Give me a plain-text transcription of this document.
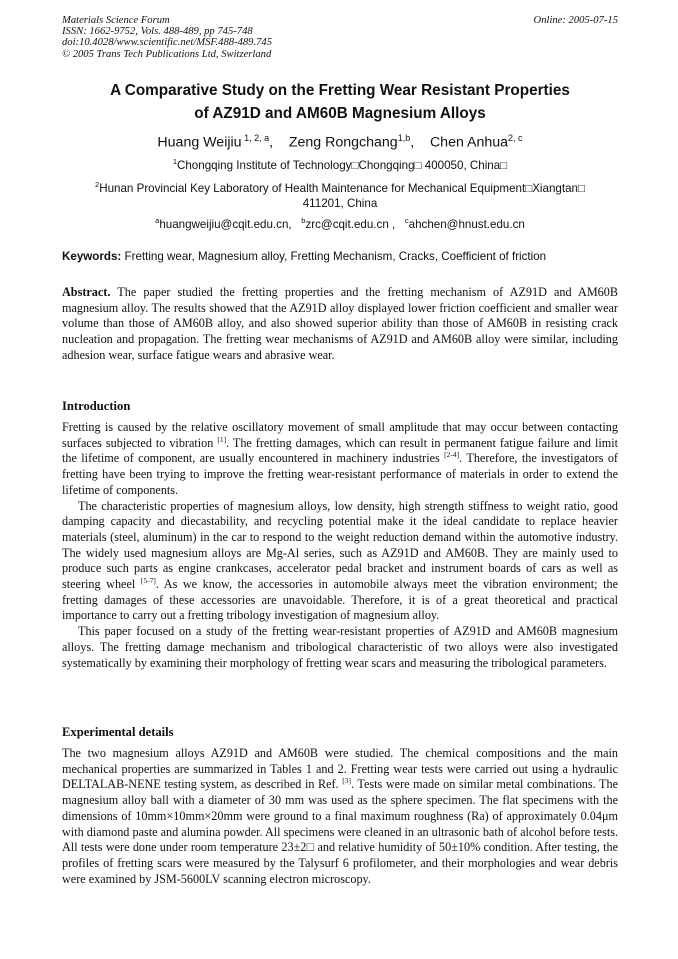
Materials Science Forum
ISSN: 1662-9752, Vols. 488-489, pp 745-748
doi:10.4028/www.scientific.net/MSF.488-489.745
© 2005 Trans Tech Publications Ltd, Switzerland
Online: 2005-07-15
A Comparative Study on the Fretting Wear Resistant Properties
of AZ91D and AM60B Magnesium Alloys
Huang Weijiu $^{1, 2, a}$,    Zeng Rongchang$^{1,b}$,    Chen Anhua$^{2, c}$
$^1$Chongqing Institute of Technology□Chongqing□ 400050, China□
$^2$Hunan Provincial Key Laboratory of Health Maintenance for Mechanical Equipment□Xiangtan□
411201, China
$^a$huangweijiu@cqit.edu.cn, $^b$zrc@cqit.edu.cn , $^c$ahchen@hnust.edu.cn
Keywords: Fretting wear, Magnesium alloy, Fretting Mechanism, Cracks, Coefficient of friction
Abstract. The paper studied the fretting properties and the fretting mechanism of AZ91D and AM60B magnesium alloy. The results showed that the AZ91D alloy displayed lower friction coefficient and smaller wear volume than those of AM60B alloy, and also showed superior ability than those of AM60B in resisting crack nucleation and propagation. The fretting wear mechanisms of AZ91D and AM60B alloy were similar, including adhesion wear, surface fatigue wears and abrasive wear.
Introduction
Fretting is caused by the relative oscillatory movement of small amplitude that may occur between contacting surfaces subjected to vibration [1]. The fretting damages, which can result in permanent fatigue failure and limit the lifetime of component, are usually encountered in machinery industries [2-4]. Therefore, the investigators of fretting have been trying to improve the fretting wear-resistant performance of materials in order to extend the lifetime of components.
The characteristic properties of magnesium alloys, low density, high strength stiffness to weight ratio, good damping capacity and diecastability, and recycling potential make it the ideal candidate to replace heavier materials (steel, aluminum) in the car to respond to the weight reduction demand within the automotive industry. The widely used magnesium alloys are Mg-Al series, such as AZ91D and AM60B. They are mainly used to produce such parts as engine crankcases, accelerator pedal bracket and instrument boards of cars as well as steering wheel [5-7]. As we know, the accessories in automobile always meet the vibration environment; the fretting damages of these accessories are unavoidable. Therefore, it is of a great theoretical and practical importance to carry out a fretting tribology investigation of magnesium alloy.
This paper focused on a study of the fretting wear-resistant properties of AZ91D and AM60B magnesium alloys. The fretting damage mechanism and tribological characteristic of two alloys were also investigated systematically by examining their morphology of fretting wear scars and measuring the tribological parameters.
Experimental details
The two magnesium alloys AZ91D and AM60B were studied. The chemical compositions and the main mechanical properties are summarized in Tables 1 and 2. Fretting wear tests were carried out using a hydraulic DELTALAB-NENE testing system, as described in Ref. [3]. Tests were made on similar metal combinations. The magnesium alloy ball with a diameter of 30 mm was used as the sphere specimen. The flat specimens with the dimensions of 10mm×10mm×20mm were ground to a final maximum roughness (Ra) of approximately 0.04μm with diamond paste and alumina powder. All specimens were cleaned in an ultrasonic bath of alcohol before tests. All tests were done under room temperature 23±2□ and relative humidity of 50±10% condition. After testing, the profiles of fretting scars were measured by the Talysurf 6 profilometer, and their morphologies and wear debris were examined by JSM-5600LV scanning electron microscopy.
